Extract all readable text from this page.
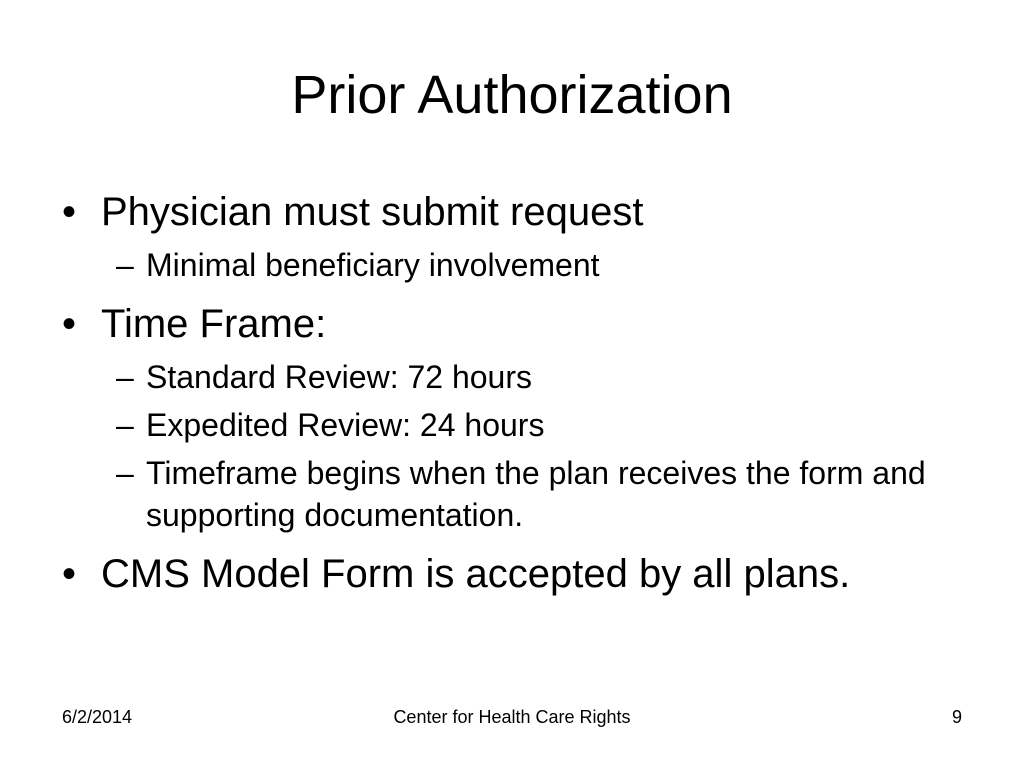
Prior Authorization
• Physician must submit request
– Minimal beneficiary involvement
• Time Frame:
– Standard Review: 72 hours
– Expedited Review: 24 hours
– Timeframe begins when the plan receives the form and supporting documentation.
• CMS Model Form is accepted by all plans.
6/2/2014	Center for Health Care Rights	9
